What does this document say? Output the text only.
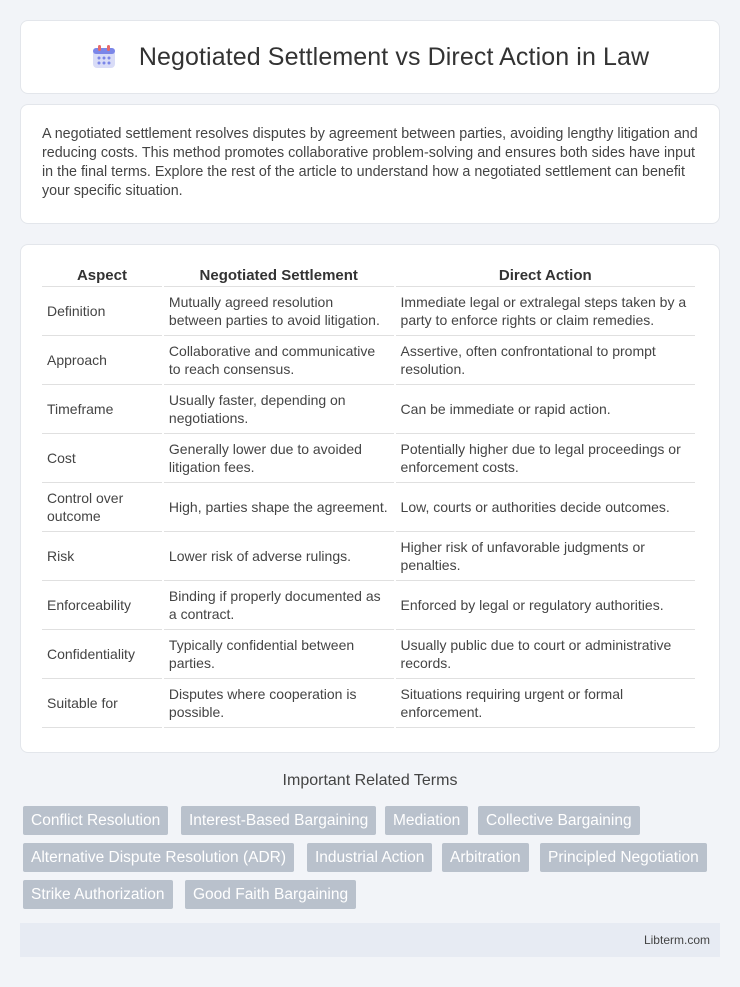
Negotiated Settlement vs Direct Action in Law

A negotiated settlement resolves disputes by agreement between parties, avoiding lengthy litigation and reducing costs. This method promotes collaborative problem-solving and ensures both sides have input in the final terms. Explore the rest of the article to understand how a negotiated settlement can benefit your specific situation.

Aspect	Negotiated Settlement	Direct Action
Definition	Mutually agreed resolution between parties to avoid litigation.	Immediate legal or extralegal steps taken by a party to enforce rights or claim remedies.
Approach	Collaborative and communicative to reach consensus.	Assertive, often confrontational to prompt resolution.
Timeframe	Usually faster, depending on negotiations.	Can be immediate or rapid action.
Cost	Generally lower due to avoided litigation fees.	Potentially higher due to legal proceedings or enforcement costs.
Control over outcome	High, parties shape the agreement.	Low, courts or authorities decide outcomes.
Risk	Lower risk of adverse rulings.	Higher risk of unfavorable judgments or penalties.
Enforceability	Binding if properly documented as a contract.	Enforced by legal or regulatory authorities.
Confidentiality	Typically confidential between parties.	Usually public due to court or administrative records.
Suitable for	Disputes where cooperation is possible.	Situations requiring urgent or formal enforcement.
Important Related Terms
Conflict Resolution	Interest-Based Bargaining	Mediation	Collective Bargaining
Alternative Dispute Resolution (ADR)	Industrial Action	Arbitration	Principled Negotiation
Strike Authorization	Good Faith Bargaining
Libterm.com
